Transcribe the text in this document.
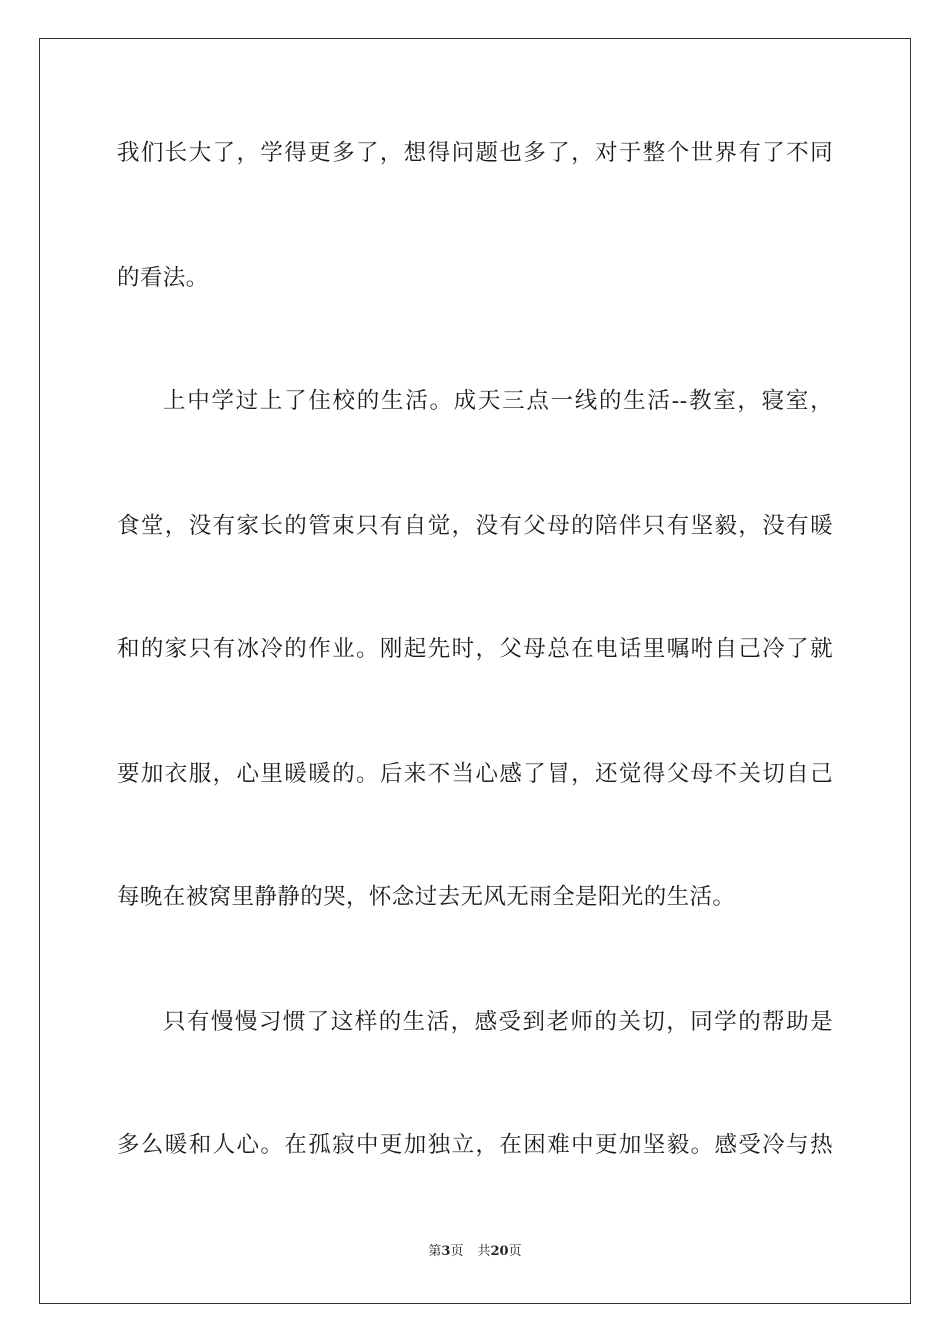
我们长大了，学得更多了，想得问题也多了，对于整个世界有了不同
的看法。
上中学过上了住校的生活。成天三点一线的生活--教室，寝室，
食堂，没有家长的管束只有自觉，没有父母的陪伴只有坚毅，没有暖
和的家只有冰冷的作业。刚起先时，父母总在电话里嘱咐自己冷了就
要加衣服，心里暖暖的。后来不当心感了冒，还觉得父母不关切自己
每晚在被窝里静静的哭，怀念过去无风无雨全是阳光的生活。
只有慢慢习惯了这样的生活，感受到老师的关切，同学的帮助是
多么暖和人心。在孤寂中更加独立，在困难中更加坚毅。感受冷与热
第3页 共20页
